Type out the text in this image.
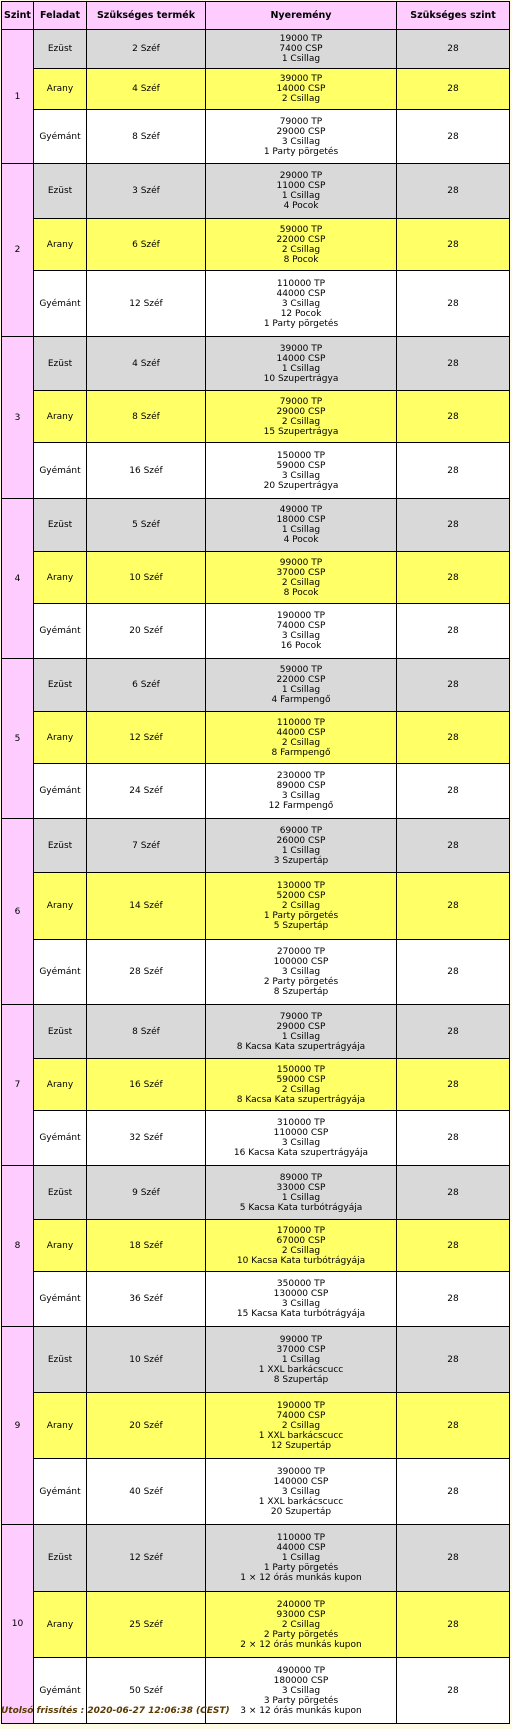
Szint	Feladat	Szükséges termék	Nyeremény	Szükséges szint
1	Ezüst	2 Széf	19000 TP
7400 CSP
1 Csillag	28
	Arany	4 Széf	39000 TP
14000 CSP
2 Csillag	28
	Gyémánt	8 Széf	79000 TP
29000 CSP
3 Csillag
1 Party pörgetés	28
2	Ezüst	3 Széf	29000 TP
11000 CSP
1 Csillag
4 Pocok	28
	Arany	6 Széf	59000 TP
22000 CSP
2 Csillag
8 Pocok	28
	Gyémánt	12 Széf	110000 TP
44000 CSP
3 Csillag
12 Pocok
1 Party pörgetés	28
3	Ezüst	4 Széf	39000 TP
14000 CSP
1 Csillag
10 Szupertrágya	28
	Arany	8 Széf	79000 TP
29000 CSP
2 Csillag
15 Szupertrágya	28
	Gyémánt	16 Széf	150000 TP
59000 CSP
3 Csillag
20 Szupertrágya	28
4	Ezüst	5 Széf	49000 TP
18000 CSP
1 Csillag
4 Pocok	28
	Arany	10 Széf	99000 TP
37000 CSP
2 Csillag
8 Pocok	28
	Gyémánt	20 Széf	190000 TP
74000 CSP
3 Csillag
16 Pocok	28
5	Ezüst	6 Széf	59000 TP
22000 CSP
1 Csillag
4 Farmpengő	28
	Arany	12 Széf	110000 TP
44000 CSP
2 Csillag
8 Farmpengő	28
	Gyémánt	24 Széf	230000 TP
89000 CSP
3 Csillag
12 Farmpengő	28
6	Ezüst	7 Széf	69000 TP
26000 CSP
1 Csillag
3 Szupertáp	28
	Arany	14 Széf	130000 TP
52000 CSP
2 Csillag
1 Party pörgetés
5 Szupertáp	28
	Gyémánt	28 Széf	270000 TP
100000 CSP
3 Csillag
2 Party pörgetés
8 Szupertáp	28
7	Ezüst	8 Széf	79000 TP
29000 CSP
1 Csillag
8 Kacsa Kata szupertrágyája	28
	Arany	16 Széf	150000 TP
59000 CSP
2 Csillag
8 Kacsa Kata szupertrágyája	28
	Gyémánt	32 Széf	310000 TP
110000 CSP
3 Csillag
16 Kacsa Kata szupertrágyája	28
8	Ezüst	9 Széf	89000 TP
33000 CSP
1 Csillag
5 Kacsa Kata turbótrágyája	28
	Arany	18 Széf	170000 TP
67000 CSP
2 Csillag
10 Kacsa Kata turbótrágyája	28
	Gyémánt	36 Széf	350000 TP
130000 CSP
3 Csillag
15 Kacsa Kata turbótrágyája	28
9	Ezüst	10 Széf	99000 TP
37000 CSP
1 Csillag
1 XXL barkácscucc
8 Szupertáp	28
	Arany	20 Széf	190000 TP
74000 CSP
2 Csillag
1 XXL barkácscucc
12 Szupertáp	28
	Gyémánt	40 Széf	390000 TP
140000 CSP
3 Csillag
1 XXL barkácscucc
20 Szupertáp	28
10	Ezüst	12 Széf	110000 TP
44000 CSP
1 Csillag
1 Party pörgetés
1 × 12 órás munkás kupon	28
	Arany	25 Széf	240000 TP
93000 CSP
2 Csillag
2 Party pörgetés
2 × 12 órás munkás kupon	28
	Gyémánt	50 Széf	490000 TP
180000 CSP
3 Csillag
3 Party pörgetés
3 × 12 órás munkás kupon	28
Utolsó frissítés : 2020-06-27 12:06:38 (CEST)
